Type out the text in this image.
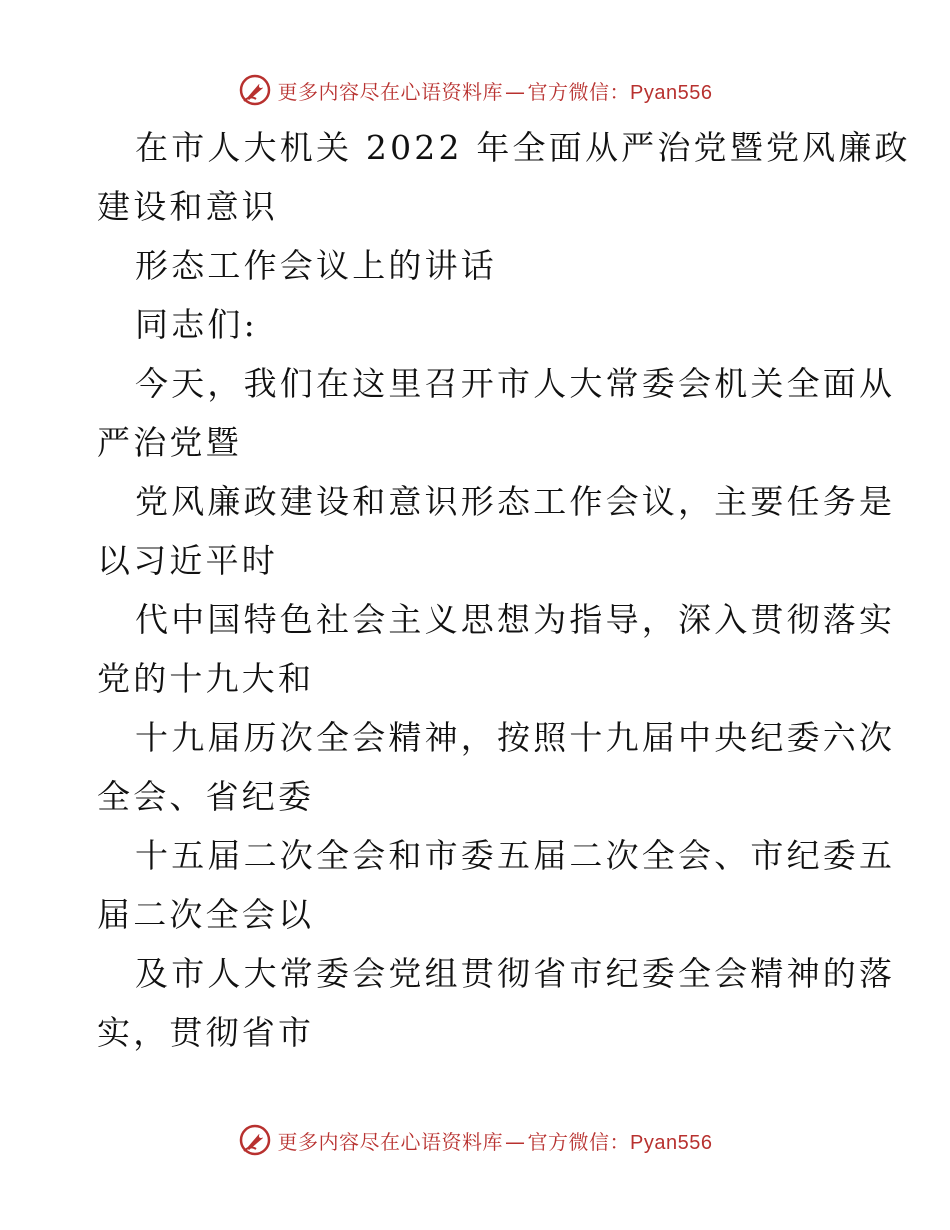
更多内容尽在心语资料库 — 官方微信：Pyan556
在市人大机关 2022 年全面从严治党暨党风廉政
建设和意识
形态工作会议上的讲话
同志们:
今天，我们在这里召开市人大常委会机关全面从
严治党暨
党风廉政建设和意识形态工作会议，主要任务是
以习近平时
代中国特色社会主义思想为指导，深入贯彻落实
党的十九大和
十九届历次全会精神，按照十九届中央纪委六次
全会、省纪委
十五届二次全会和市委五届二次全会、市纪委五
届二次全会以
及市人大常委会党组贯彻省市纪委全会精神的落
实，贯彻省市
更多内容尽在心语资料库 — 官方微信：Pyan556
